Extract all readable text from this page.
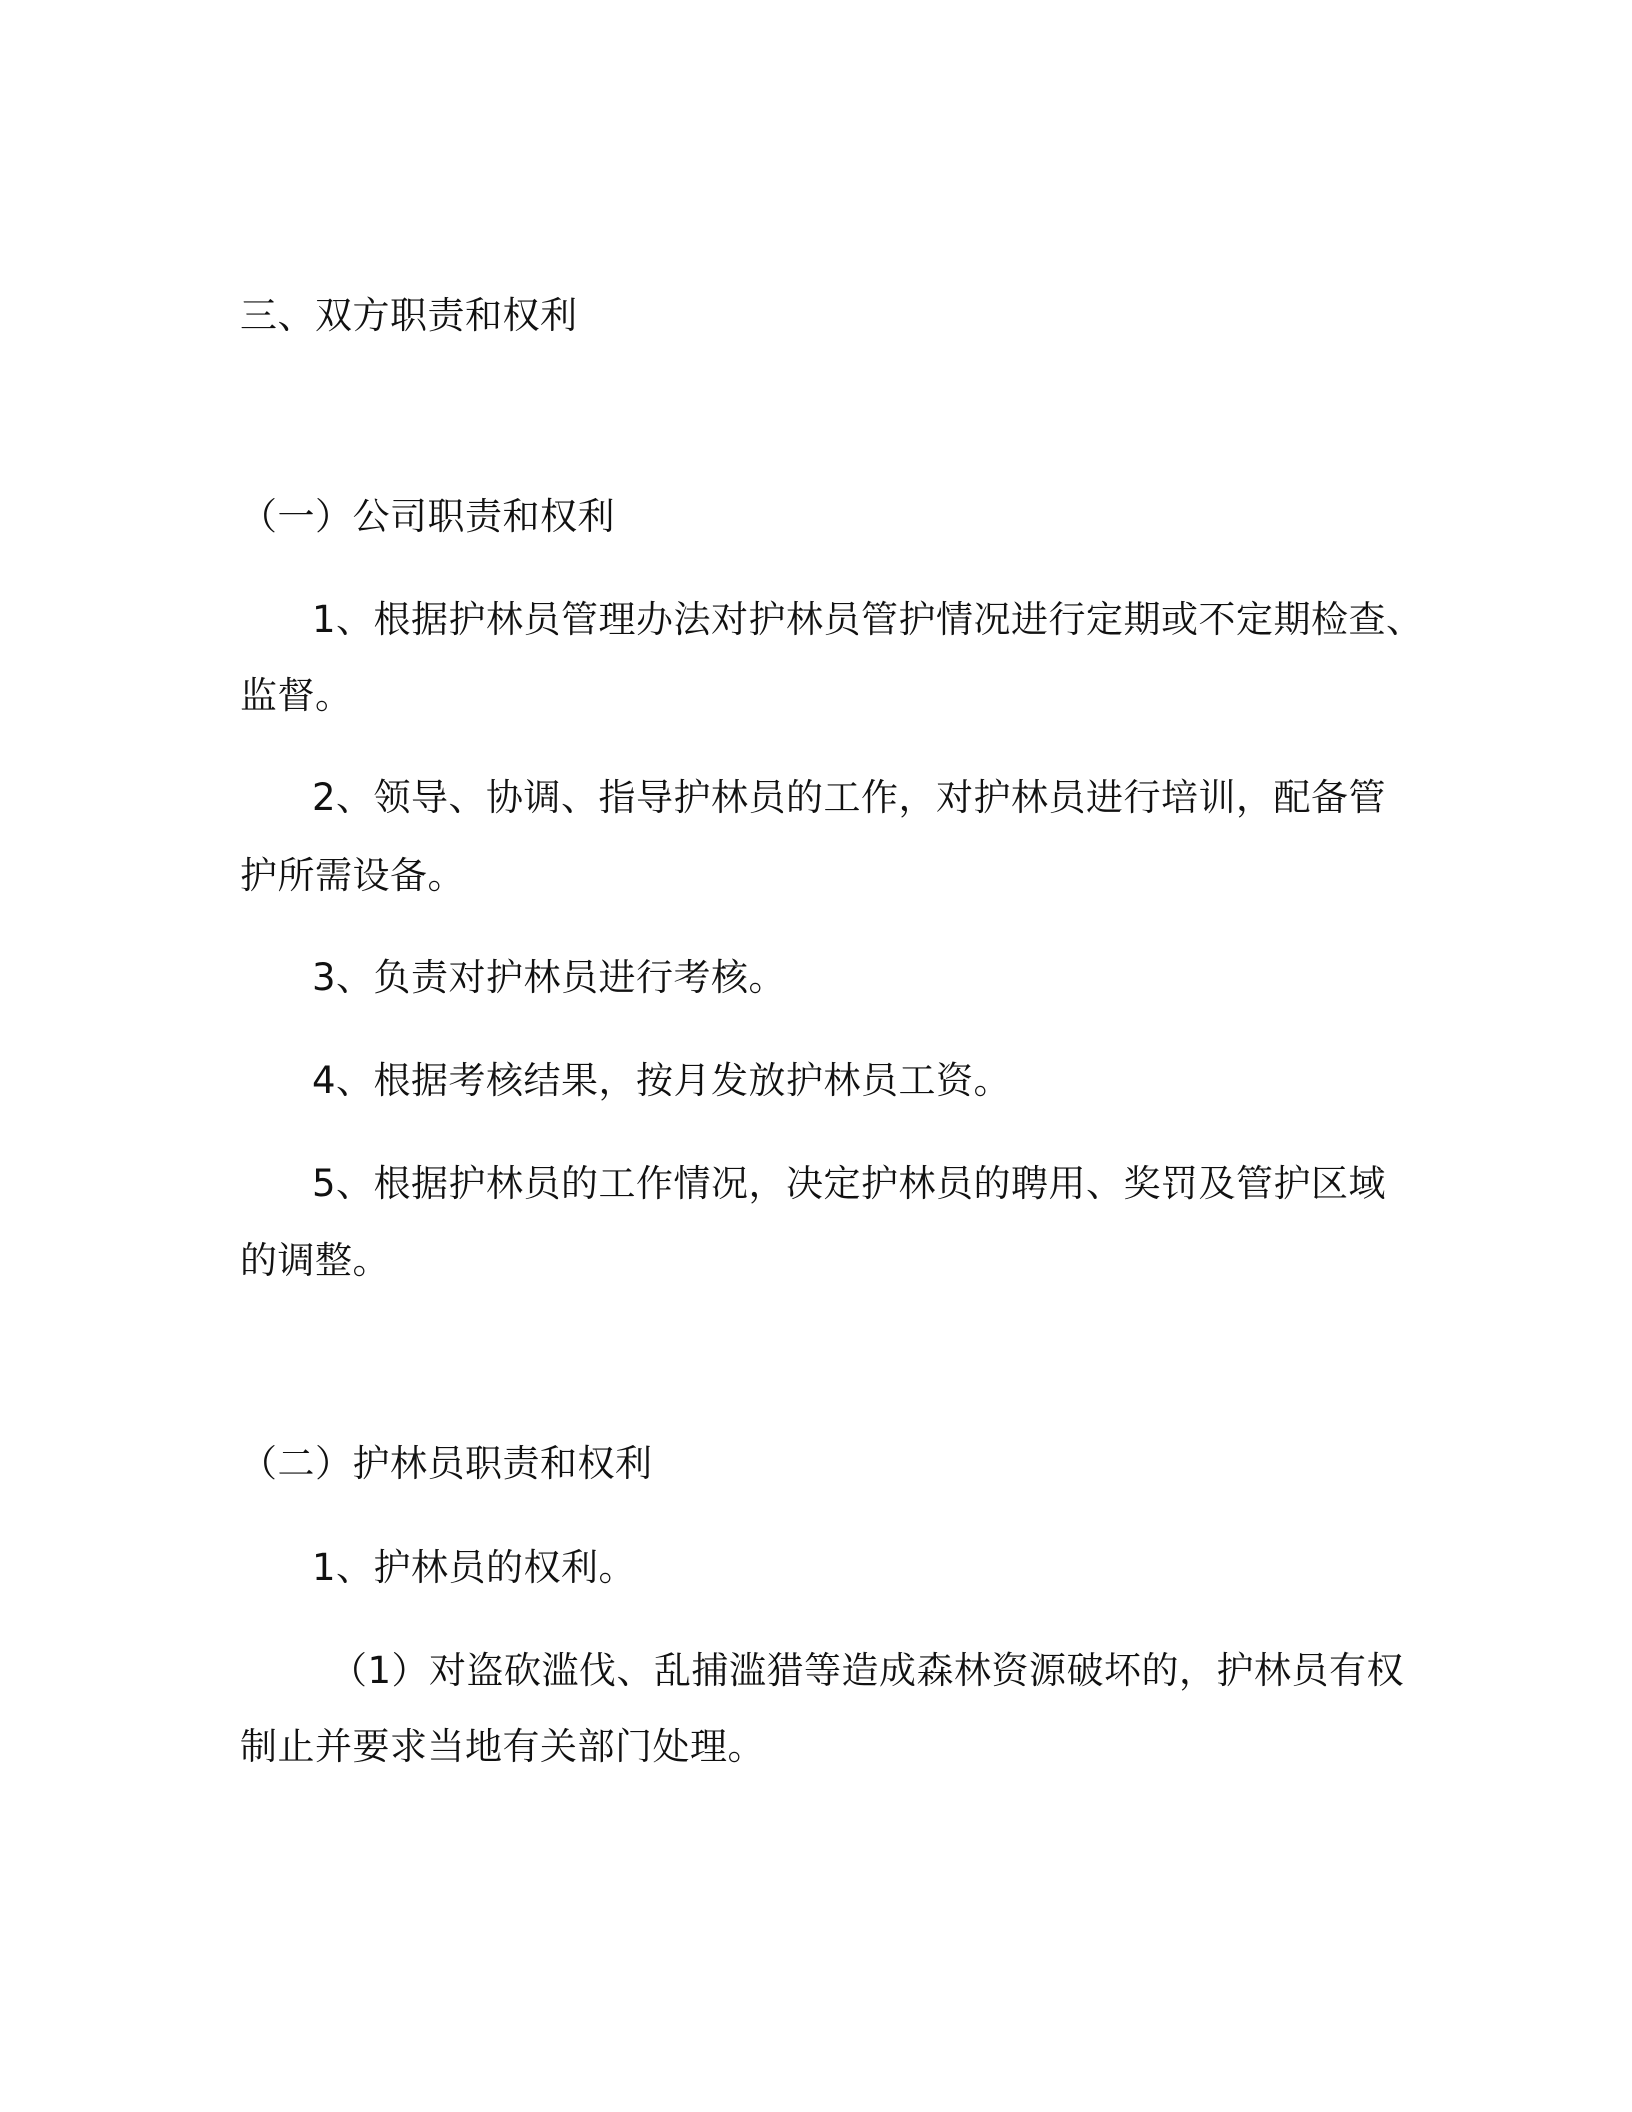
三、双方职责和权利
（一）公司职责和权利
1、根据护林员管理办法对护林员管护情况进行定期或不定期检查、
监督。
2、领导、协调、指导护林员的工作，对护林员进行培训，配备管
护所需设备。
3、负责对护林员进行考核。
4、根据考核结果，按月发放护林员工资。
5、根据护林员的工作情况，决定护林员的聘用、奖罚及管护区域
的调整。
（二）护林员职责和权利
1、护林员的权利。
（1）对盗砍滥伐、乱捕滥猎等造成森林资源破坏的，护林员有权
制止并要求当地有关部门处理。
